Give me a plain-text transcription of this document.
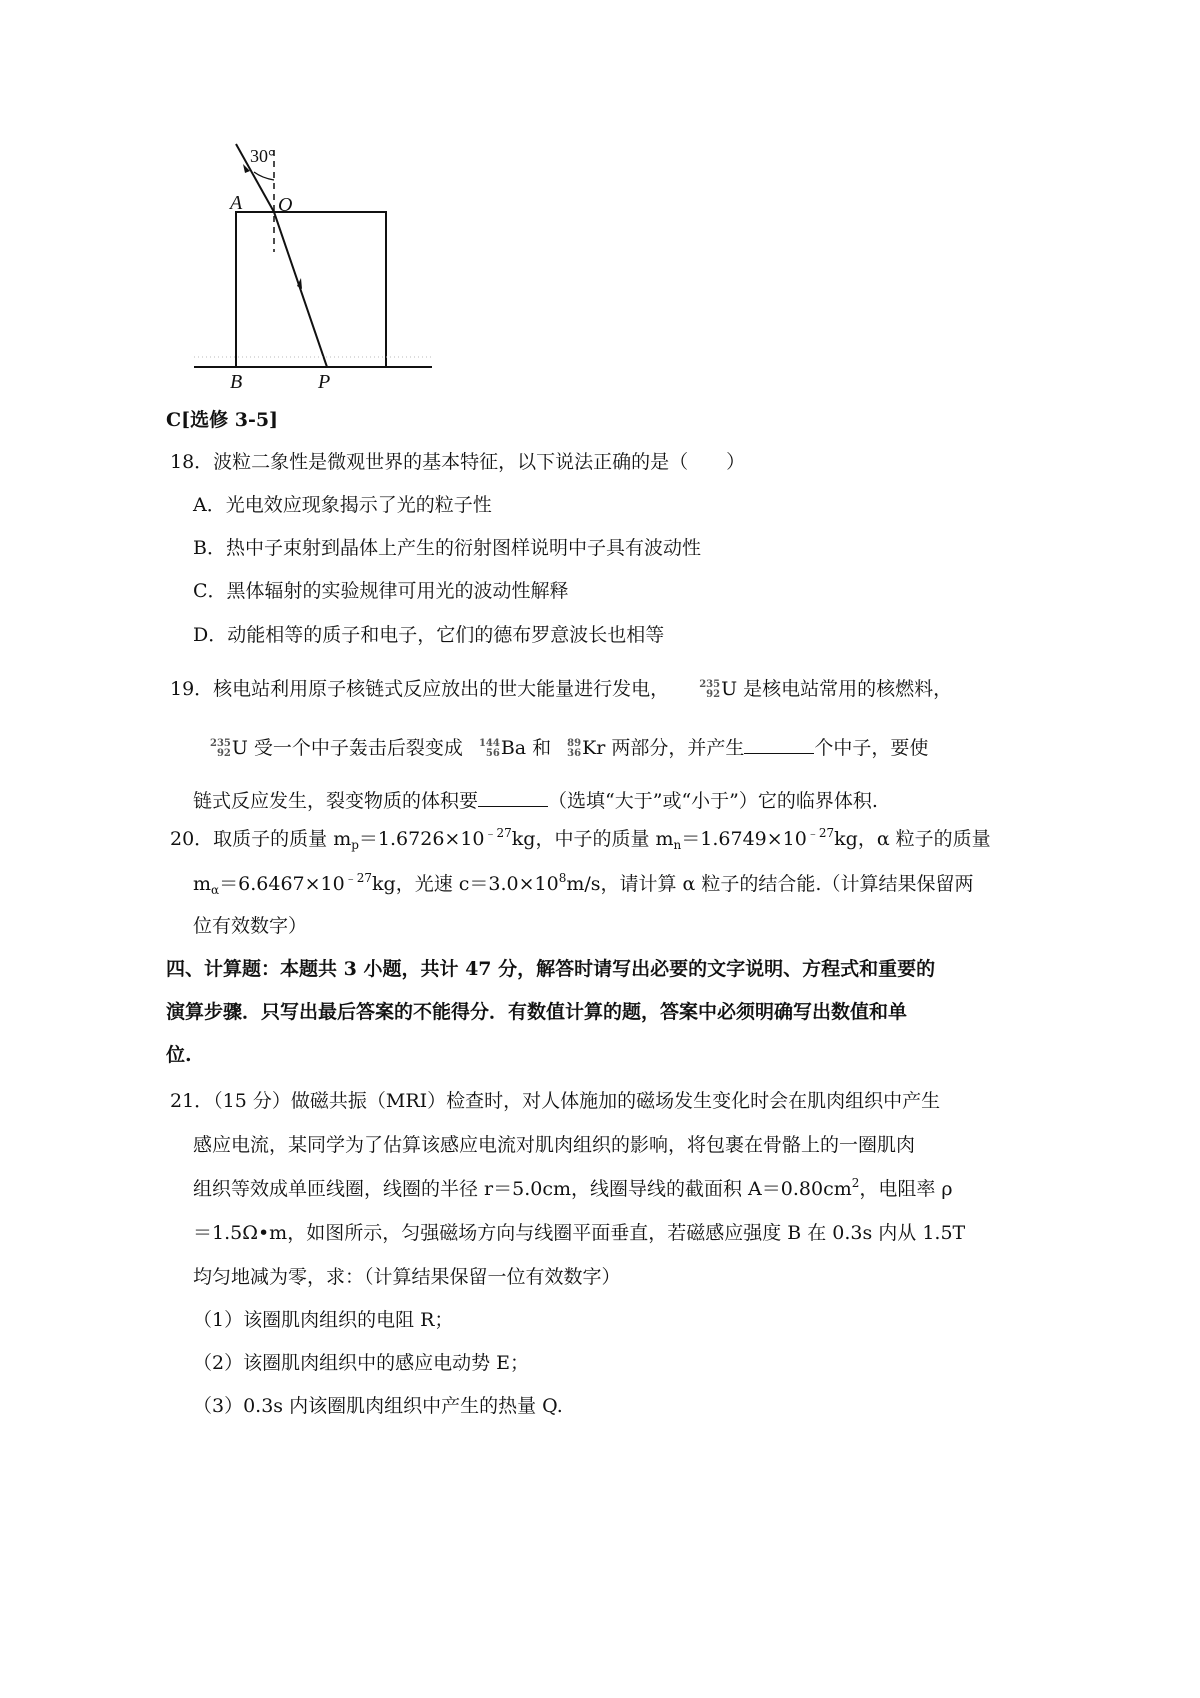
30°
A O
B	P
C[选修 3-5]
18．波粒二象性是微观世界的基本特征，以下说法正确的是（　　）
A．光电效应现象揭示了光的粒子性
B．热中子束射到晶体上产生的衍射图样说明中子具有波动性
C．黑体辐射的实验规律可用光的波动性解释
D．动能相等的质子和电子，它们的德布罗意波长也相等
19．核电站利用原子核链式反应放出的世大能量进行发电，	235
92 U 是核电站常用的核燃料，
235
92 U 受一个中子轰击后裂变成 144
56 Ba 和 89
36 Kr 两部分，并产生	个中子，要使
链式反应发生，裂变物质的体积要	（选填“大于”或“小于”）它的临界体积.
20．取质子的质量 $m_p=1.6726\times 10^{﹣27}kg$，中子的质量 $m_n=1.6749\times 10^{﹣27}kg$，α 粒子的质量
$m_\alpha=6.6467\times 10^{﹣27}kg$，光速 $c=3.0\times 10^8m/s$，请计算 α 粒子的结合能.（计算结果保留两
位有效数字）
四、计算题：本题共 3 小题，共计 47 分，解答时请写出必要的文字说明、方程式和重要的
演算步骤．只写出最后答案的不能得分．有数值计算的题，答案中必须明确写出数值和单
位.
21．（15 分）做磁共振（MRI）检查时，对人体施加的磁场发生变化时会在肌肉组织中产生
感应电流，某同学为了估算该感应电流对肌肉组织的影响，将包裹在骨骼上的一圈肌肉
组织等效成单匝线圈，线圈的半径 r＝5.0cm，线圈导线的截面积 $A=0.80cm^2$，电阻率 ρ
＝1.5Ω•m，如图所示，匀强磁场方向与线圈平面垂直，若磁感应强度 B 在 0.3s 内从 1.5T
均匀地减为零，求：（计算结果保留一位有效数字）
（1）该圈肌肉组织的电阻 R；
（2）该圈肌肉组织中的感应电动势 E；
（3）0.3s 内该圈肌肉组织中产生的热量 Q.
